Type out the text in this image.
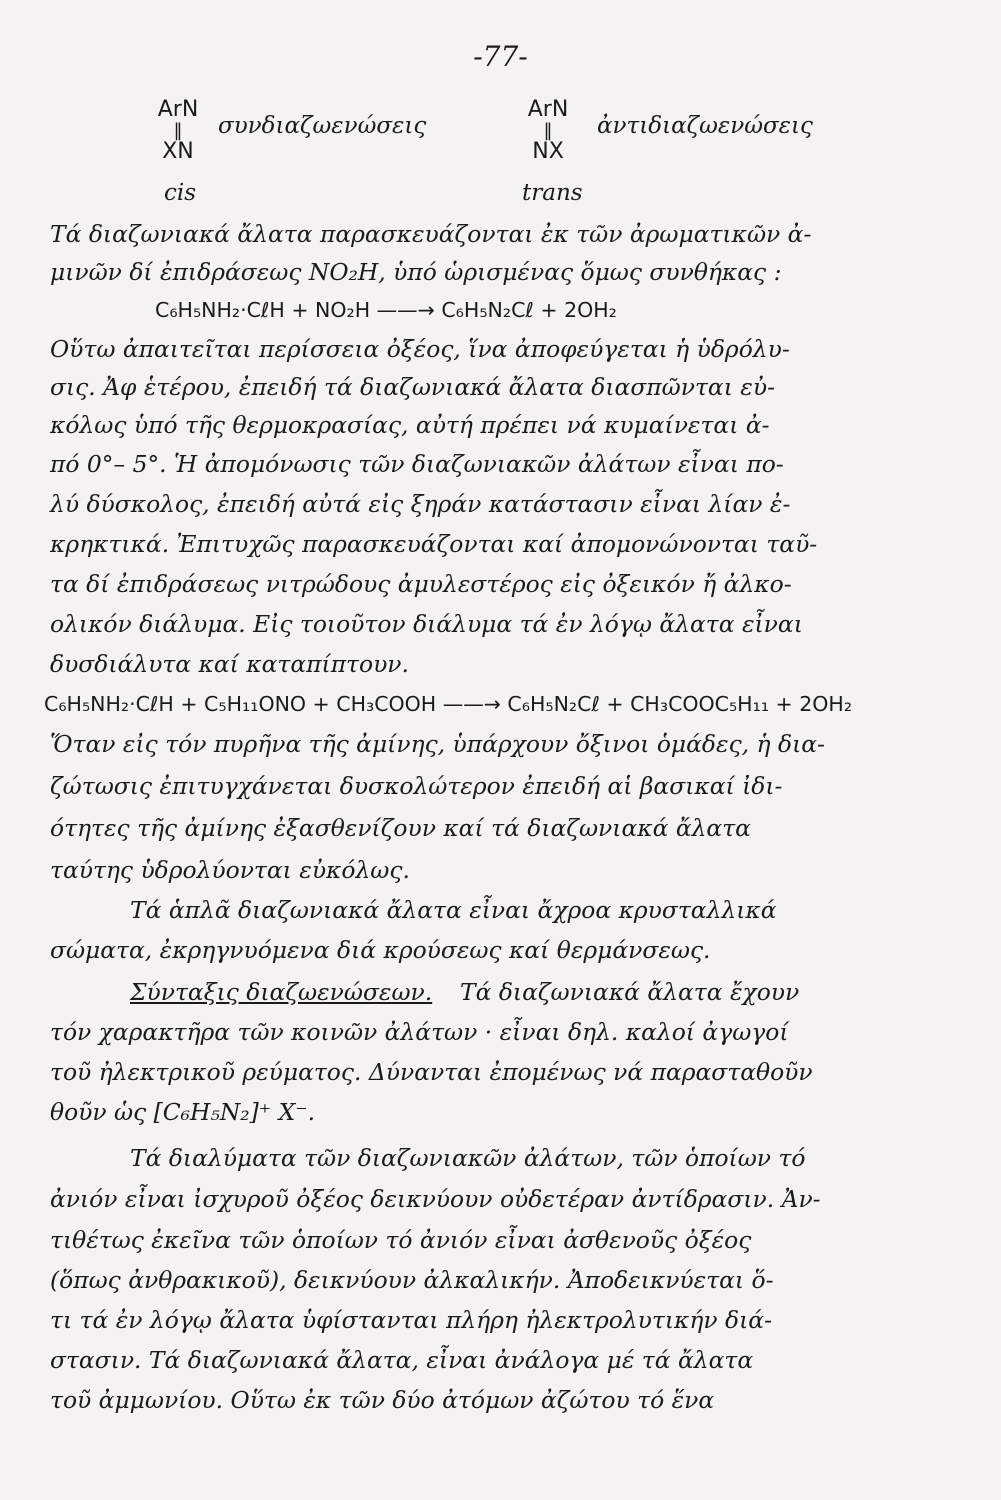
-77-
ArN
‖
XN
συνδιαζωενώσεις
cis
ArN
‖
NX
ἀντιδιαζωενώσεις
trans
Τά διαζωνιακά ἄλατα παρασκευάζονται ἐκ τῶν ἀρωματικῶν ἀ-
μινῶν δί ἐπιδράσεως NO₂H, ὑπό ὡρισμένας ὅμως συνθήκας :
C₆H₅NH₂·CℓH + NO₂H ——→ C₆H₅N₂Cℓ + 2OH₂
Οὕτω ἀπαιτεῖται περίσσεια ὀξέος, ἵνα ἀποφεύγεται ἡ ὑδρόλυ-
σις. Ἀφ ἑτέρου, ἐπειδή τά διαζωνιακά ἄλατα διασπῶνται εὐ-
κόλως ὑπό τῆς θερμοκρασίας, αὐτή πρέπει νά κυμαίνεται ἀ-
πό 0°– 5°. Ἡ ἀπομόνωσις τῶν διαζωνιακῶν ἀλάτων εἶναι πο-
λύ δύσκολος, ἐπειδή αὐτά εἰς ξηράν κατάστασιν εἶναι λίαν ἐ-
κρηκτικά. Ἐπιτυχῶς παρασκευάζονται καί ἀπομονώνονται ταῦ-
τα δί ἐπιδράσεως νιτρώδους ἀμυλεστέρος εἰς ὀξεικόν ἤ ἀλκο-
ολικόν διάλυμα. Εἰς τοιοῦτον διάλυμα τά ἐν λόγῳ ἄλατα εἶναι
δυσδιάλυτα καί καταπίπτουν.
C₆H₅NH₂·CℓH + C₅H₁₁ONO + CH₃COOH ——→ C₆H₅N₂Cℓ + CH₃COOC₅H₁₁ + 2OH₂
Ὅταν εἰς τόν πυρῆνα τῆς ἀμίνης, ὑπάρχουν ὄξινοι ὁμάδες, ἡ δια-
ζώτωσις ἐπιτυγχάνεται δυσκολώτερον ἐπειδή αἱ βασικαί ἰδι-
ότητες τῆς ἀμίνης ἐξασθενίζουν καί τά διαζωνιακά ἄλατα
ταύτης ὑδρολύονται εὐκόλως.
Τά ἁπλᾶ διαζωνιακά ἄλατα εἶναι ἄχροα κρυσταλλικά
σώματα, ἐκρηγνυόμενα διά κρούσεως καί θερμάνσεως.
Σύνταξις διαζωενώσεων.	Τά διαζωνιακά ἄλατα ἔχουν
τόν χαρακτῆρα τῶν κοινῶν ἀλάτων · εἶναι δηλ. καλοί ἀγωγοί
τοῦ ἠλεκτρικοῦ ρεύματος. Δύνανται ἐπομένως νά παρασταθοῦν
θοῦν ὡς [C₆H₅N₂]⁺ X⁻.
Τά διαλύματα τῶν διαζωνιακῶν ἀλάτων, τῶν ὁποίων τό
ἀνιόν εἶναι ἰσχυροῦ ὀξέος δεικνύουν οὐδετέραν ἀντίδρασιν. Ἀν-
τιθέτως ἐκεῖνα τῶν ὁποίων τό ἀνιόν εἶναι ἀσθενοῦς ὀξέος
(ὅπως ἀνθρακικοῦ), δεικνύουν ἀλκαλικήν. Ἀποδεικνύεται ὅ-
τι τά ἐν λόγῳ ἄλατα ὑφίστανται πλήρη ἠλεκτρολυτικήν διά-
στασιν. Τά διαζωνιακά ἄλατα, εἶναι ἀνάλογα μέ τά ἄλατα
τοῦ ἀμμωνίου. Οὕτω ἐκ τῶν δύο ἀτόμων ἀζώτου τό ἕνα
